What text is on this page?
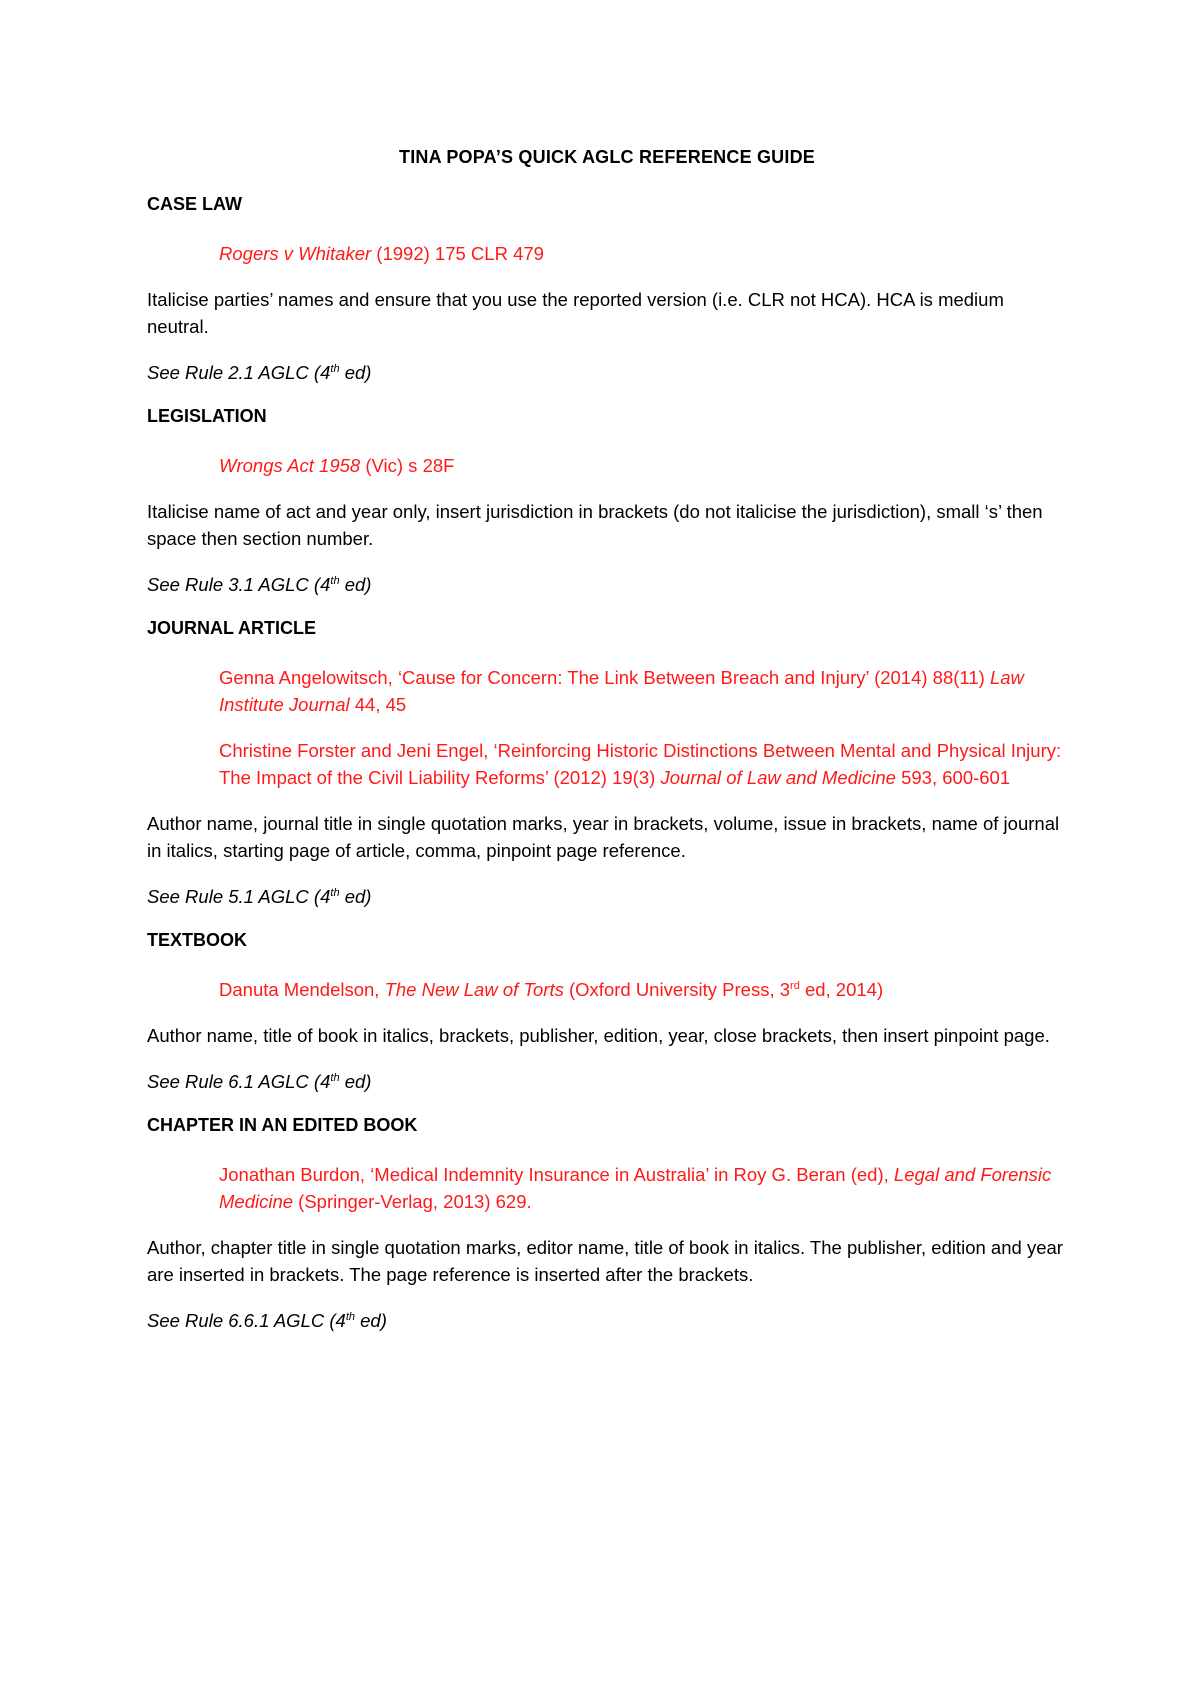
TINA POPA’S QUICK AGLC REFERENCE GUIDE
CASE LAW
Rogers v Whitaker (1992) 175 CLR 479
Italicise parties’ names and ensure that you use the reported version (i.e. CLR not HCA). HCA is medium neutral.
See Rule 2.1 AGLC (4th ed)
LEGISLATION
Wrongs Act 1958 (Vic) s 28F
Italicise name of act and year only, insert jurisdiction in brackets (do not italicise the jurisdiction), small ‘s’ then space then section number.
See Rule 3.1 AGLC (4th ed)
JOURNAL ARTICLE
Genna Angelowitsch, ‘Cause for Concern: The Link Between Breach and Injury’ (2014) 88(11) Law Institute Journal 44, 45
Christine Forster and Jeni Engel, ‘Reinforcing Historic Distinctions Between Mental and Physical Injury: The Impact of the Civil Liability Reforms’ (2012) 19(3) Journal of Law and Medicine 593, 600-601
Author name, journal title in single quotation marks, year in brackets, volume, issue in brackets, name of journal in italics, starting page of article, comma, pinpoint page reference.
See Rule 5.1 AGLC (4th ed)
TEXTBOOK
Danuta Mendelson, The New Law of Torts (Oxford University Press, 3rd ed, 2014)
Author name, title of book in italics, brackets, publisher, edition, year, close brackets, then insert pinpoint page.
See Rule 6.1 AGLC (4th ed)
CHAPTER IN AN EDITED BOOK
Jonathan Burdon, ‘Medical Indemnity Insurance in Australia’ in Roy G. Beran (ed), Legal and Forensic Medicine (Springer-Verlag, 2013) 629.
Author, chapter title in single quotation marks, editor name, title of book in italics. The publisher, edition and year are inserted in brackets. The page reference is inserted after the brackets.
See Rule 6.6.1 AGLC (4th ed)
